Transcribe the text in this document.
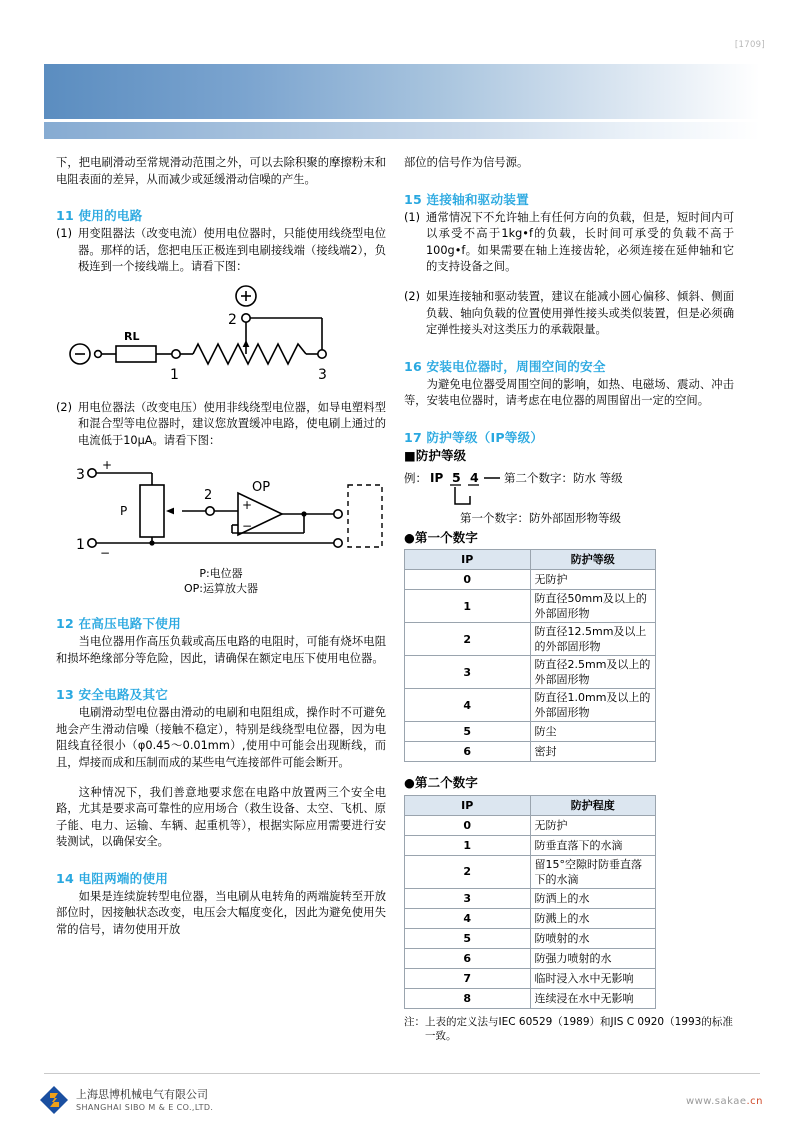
[1709]

下，把电刷滑动至常规滑动范围之外，可以去除积聚的摩擦粉末和电阻表面的差异，从而减少或延缓滑动信噪的产生。

11 使用的电路
(1) 用变阻器法（改变电流）使用电位器时，只能使用线绕型电位器。那样的话，您把电压正极连到电刷接线端（接线端2），负极连到一个接线端上。请看下图：
RL
1
2
3
(2) 用电位器法（改变电压）使用非线绕型电位器，如导电塑料型和混合型等电位器时，建议您放置缓冲电路，使电刷上通过的电流低于10μA。请看下图：
3
+
1 −
P
2
OP
+
−
P:电位器
OP:运算放大器
12 在高压电路下使用

当电位器用作高压负载或高压电路的电阻时，可能有烧坏电阻和损坏绝缘部分等危险，因此，请确保在额定电压下使用电位器。

13 安全电路及其它

电刷滑动型电位器由滑动的电刷和电阻组成，操作时不可避免地会产生滑动信噪（接触不稳定），特别是线绕型电位器，因为电阻线直径很小（φ0.45～0.01mm）,使用中可能会出现断线，而且，焊接而成和压制而成的某些电气连接部件可能会断开。

这种情况下，我们善意地要求您在电路中放置两三个安全电路，尤其是要求高可靠性的应用场合（救生设备、太空、飞机、原子能、电力、运输、车辆、起重机等），根据实际应用需要进行安装测试，以确保安全。

14 电阻两端的使用

如果是连续旋转型电位器，当电刷从电转角的两端旋转至开放部位时，因接触状态改变，电压会大幅度变化，因此为避免使用失常的信号，请勿使用开放

部位的信号作为信号源。

15 连接轴和驱动装置
(1) 通常情况下不允许轴上有任何方向的负载，但是，短时间内可以承受不高于1kg•f的负载，长时间可承受的负载不高于100g•f。如果需要在轴上连接齿轮，必须连接在延伸轴和它的支持设备之间。
(2) 如果连接轴和驱动装置，建议在能减小圆心偏移、倾斜、侧面负载、轴向负载的位置使用弹性接头或类似装置，但是必须确定弹性接头对这类压力的承载限量。
16 安装电位器时，周围空间的安全

为避免电位器受周围空间的影响，如热、电磁场、震动、冲击等，安装电位器时，请考虑在电位器的周围留出一定的空间。

17 防护等级（IP等级）
■防护等级
例： IP 5 4 第二个数字：防水 等级
第一个数字：防外部固形物等级
●第一个数字
IP	防护等级
0	无防护
1	防直径50mm及以上的外部固形物
2	防直径12.5mm及以上的外部固形物
3	防直径2.5mm及以上的外部固形物
4	防直径1.0mm及以上的外部固形物
5	防尘
6	密封
●第二个数字
IP	防护程度
0	无防护
1	防垂直落下的水滴
2	留15°空隙时防垂直落下的水滴
3	防洒上的水
4	防溅上的水
5	防喷射的水
6	防强力喷射的水
7	临时浸入水中无影响
8	连续浸在水中无影响
注： 上表的定义法与IEC 60529（1989）和JIS C 0920（1993的标准一致。
上海思博机械电气有限公司
SHANGHAI SIBO M & E CO.,LTD.	www.sakae.cn
